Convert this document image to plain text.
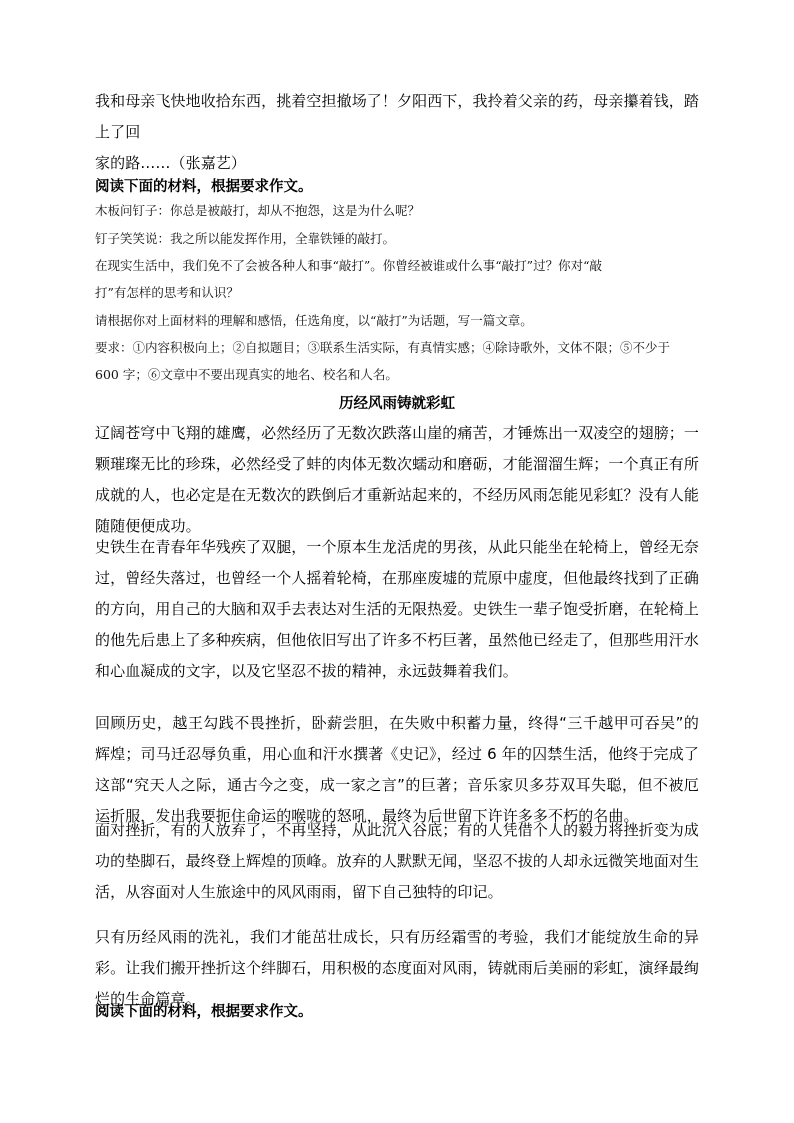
我和母亲飞快地收拾东西，挑着空担撤场了！夕阳西下，我拎着父亲的药，母亲攥着钱，踏上了回
家的路……（张嘉艺）

阅读下面的材料，根据要求作文。

木板问钉子：你总是被敲打，却从不抱怨，这是为什么呢？

钉子笑笑说：我之所以能发挥作用，全靠铁锤的敲打。

在现实生活中，我们免不了会被各种人和事“敲打”。你曾经被谁或什么事“敲打”过？你对“敲

打”有怎样的思考和认识？

请根据你对上面材料的理解和感悟，任选角度，以“敲打”为话题，写一篇文章。

要求：①内容积极向上；②自拟题目；③联系生活实际，有真情实感；④除诗歌外，文体不限；⑤不少于

600 字；⑥文章中不要出现真实的地名、校名和人名。

历经风雨铸就彩虹

辽阔苍穹中飞翔的雄鹰，必然经历了无数次跌落山崖的痛苦，才锤炼出一双凌空的翅膀；一颗璀璨无比的珍珠，必然经受了蚌的肉体无数次蠕动和磨砺，才能溜溜生辉；一个真正有所成就的人，也必定是在无数次的跌倒后才重新站起来的，不经历风雨怎能见彩虹？没有人能随随便便成功。

史铁生在青春年华残疾了双腿，一个原本生龙活虎的男孩，从此只能坐在轮椅上，曾经无奈过，曾经失落过，也曾经一个人摇着轮椅，在那座废墟的荒原中虚度，但他最终找到了正确的方向，用自己的大脑和双手去表达对生活的无限热爱。史铁生一辈子饱受折磨，在轮椅上的他先后患上了多种疾病，但他依旧写出了许多不朽巨著，虽然他已经走了，但那些用汗水和心血凝成的文字，以及它坚忍不拔的精神，永远鼓舞着我们。

回顾历史，越王勾践不畏挫折，卧薪尝胆，在失败中积蓄力量，终得“三千越甲可吞吴”的辉煌；司马迁忍辱负重，用心血和汗水撰著《史记》，经过 6 年的囚禁生活，他终于完成了这部“究天人之际，通古今之变，成一家之言”的巨著；音乐家贝多芬双耳失聪，但不被厄运折服，发出我要扼住命运的喉咙的怒吼，最终为后世留下许许多多不朽的名曲。

面对挫折，有的人放弃了，不再坚持，从此沉入谷底；有的人凭借个人的毅力将挫折变为成功的垫脚石，最终登上辉煌的顶峰。放弃的人默默无闻，坚忍不拔的人却永远微笑地面对生活，从容面对人生旅途中的风风雨雨，留下自己独特的印记。

只有历经风雨的洗礼，我们才能茁壮成长，只有历经霜雪的考验，我们才能绽放生命的异彩。让我们搬开挫折这个绊脚石，用积极的态度面对风雨，铸就雨后美丽的彩虹，演绎最绚烂的生命篇章。

阅读下面的材料，根据要求作文。
